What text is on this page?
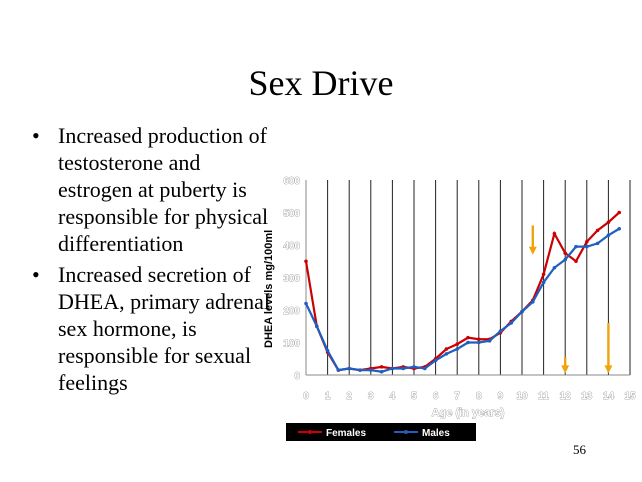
Sex Drive
• Increased production of testosterone and estrogen at puberty is responsible for physical differentiation
• Increased secretion of DHEA, primary adrenal sex hormone, is responsible for sexual feelings	0
100
200
300
400
500
600
0 1 2 3 4 5 6 7 8 9 10 11 12 13 14 15
DHEA levels mg/100ml
Age (in years)
Females	Males
56
